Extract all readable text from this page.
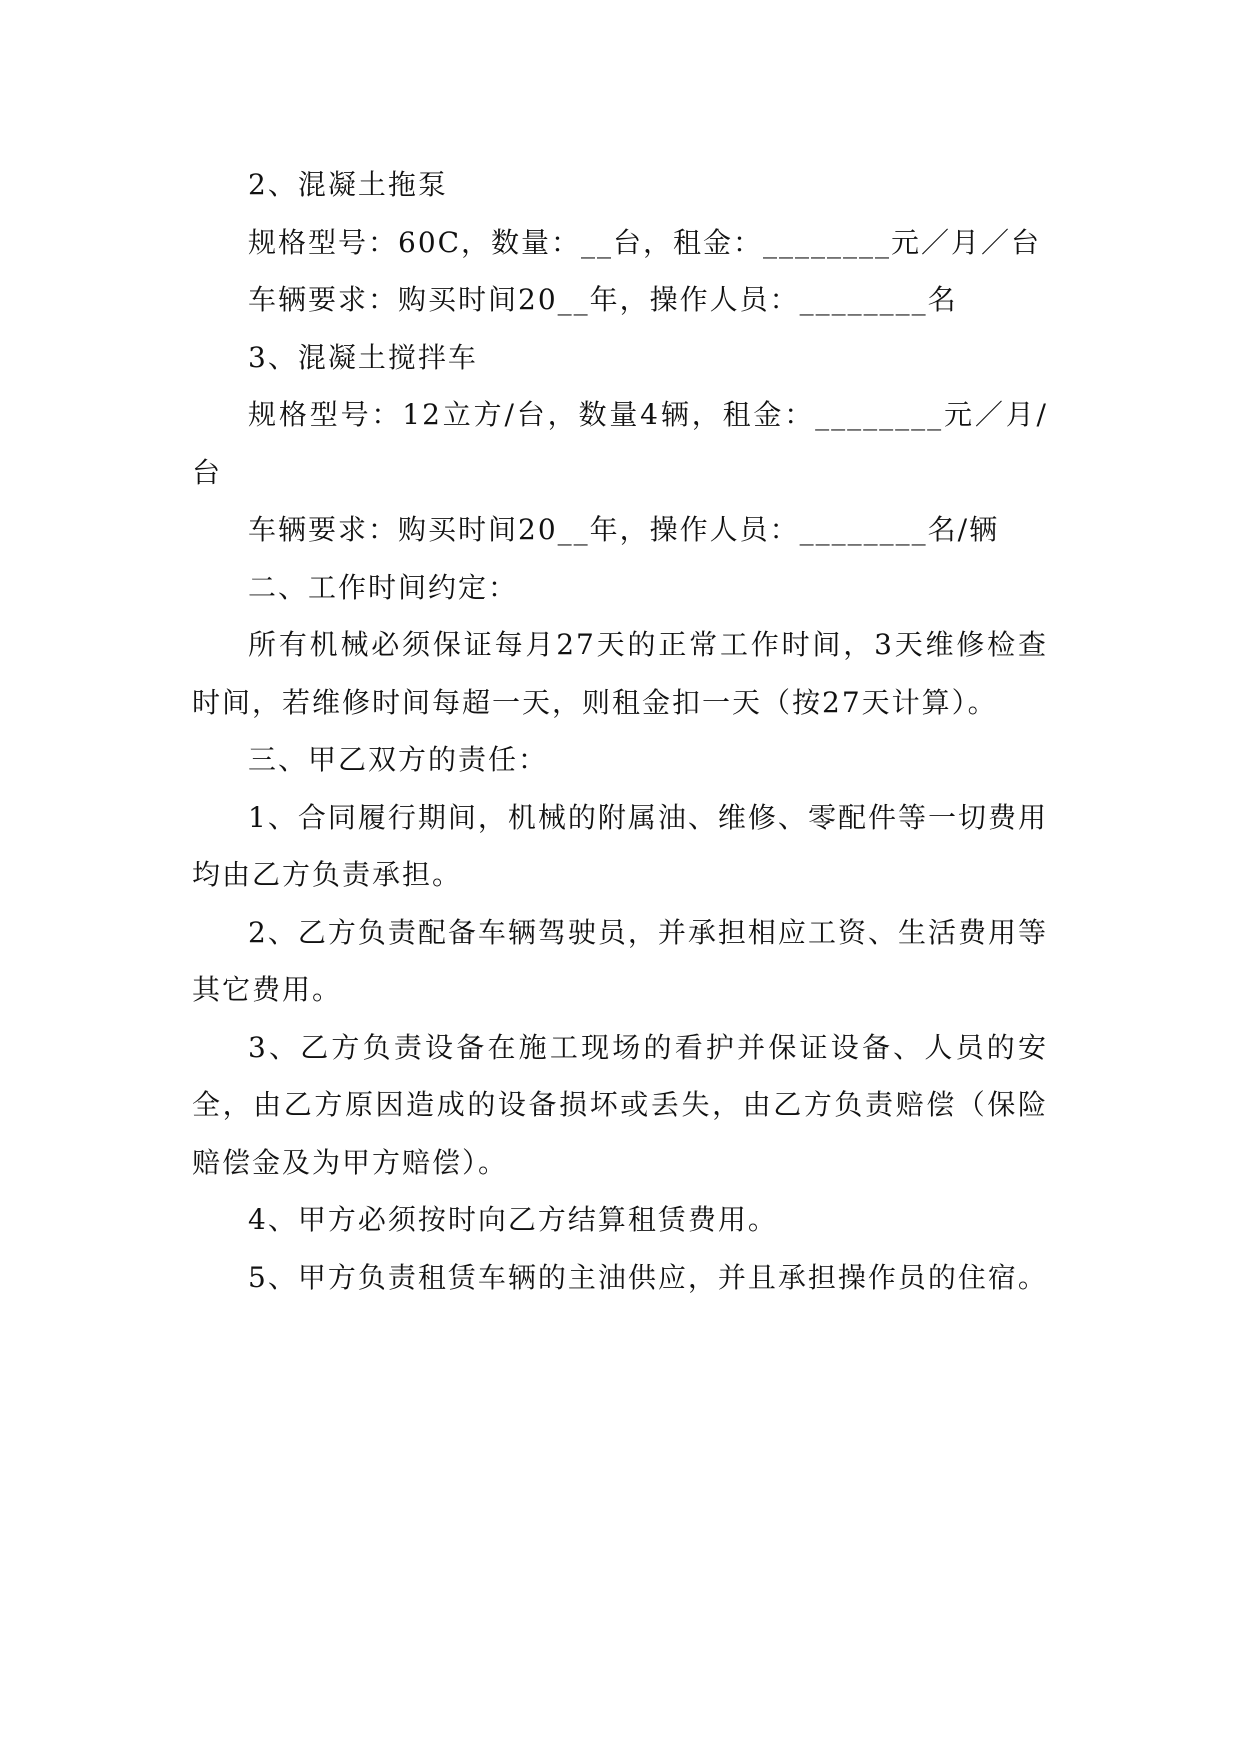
2、混凝土拖泵

规格型号：60C，数量：__台，租金：________元／月／台

车辆要求：购买时间20__年，操作人员：________名

3、混凝土搅拌车

规格型号：12立方/台，数量4辆，租金：________元／月/台

车辆要求：购买时间20__年，操作人员：________名/辆

二、工作时间约定：

所有机械必须保证每月27天的正常工作时间，3天维修检查时间，若维修时间每超一天，则租金扣一天（按27天计算）。

三、甲乙双方的责任：

1、合同履行期间，机械的附属油、维修、零配件等一切费用均由乙方负责承担。

2、乙方负责配备车辆驾驶员，并承担相应工资、生活费用等其它费用。

3、乙方负责设备在施工现场的看护并保证设备、人员的安全，由乙方原因造成的设备损坏或丢失，由乙方负责赔偿（保险赔偿金及为甲方赔偿）。

4、甲方必须按时向乙方结算租赁费用。

5、甲方负责租赁车辆的主油供应，并且承担操作员的住宿。
